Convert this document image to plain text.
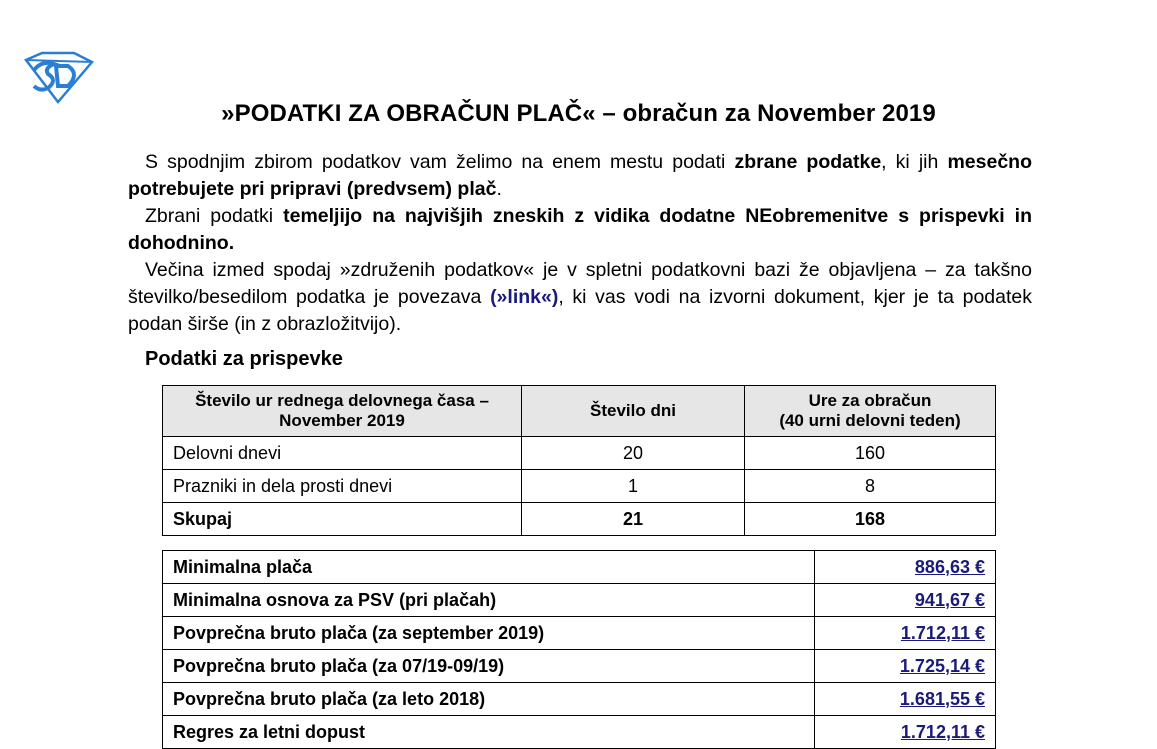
»PODATKI ZA OBRAČUN PLAČ« – obračun za November 2019

S spodnjim zbirom podatkov vam želimo na enem mestu podati zbrane podatke, ki jih mesečno potrebujete pri pripravi (predvsem) plač.

Zbrani podatki temeljijo na najvišjih zneskih z vidika dodatne NEobremenitve s prispevki in dohodnino.

Večina izmed spodaj »združenih podatkov« je v spletni podatkovni bazi že objavljena – za takšno številko/besedilom podatka je povezava (»link«), ki vas vodi na izvorni dokument, kjer je ta podatek podan širše (in z obrazložitvijo).

Podatki za prispevke
Število ur rednega delovnega časa –
November 2019	Število dni	Ure za obračun
(40 urni delovni teden)
Delovni dnevi	20	160
Prazniki in dela prosti dnevi	1	8
Skupaj	21	168
Minimalna plača	886,63 €
Minimalna osnova za PSV (pri plačah)	941,67 €
Povprečna bruto plača (za september 2019)	1.712,11 €
Povprečna bruto plača (za 07/19-09/19)	1.725,14 €
Povprečna bruto plača (za leto 2018)	1.681,55 €
Regres za letni dopust	1.712,11 €
